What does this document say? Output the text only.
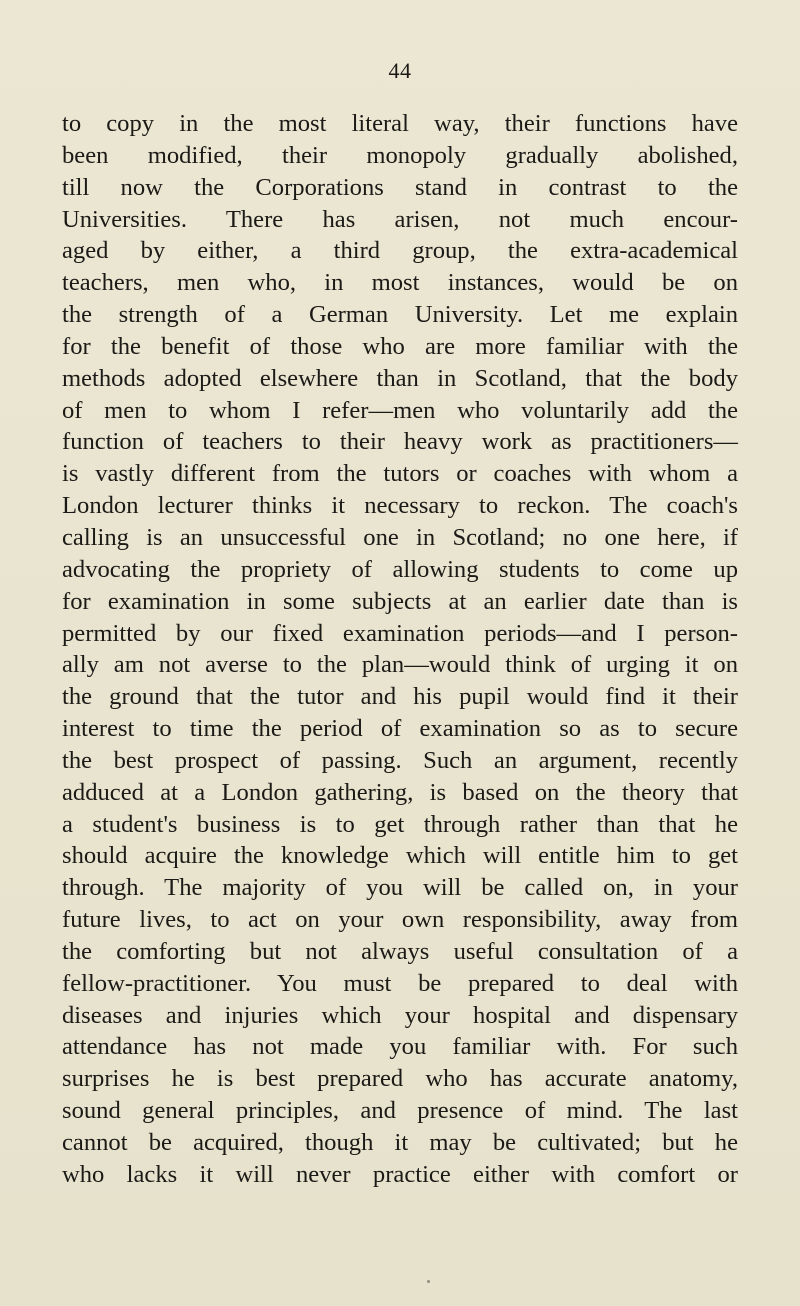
44
to copy in the most literal way, their functions have
been modified, their monopoly gradually abolished,
till now the Corporations stand in contrast to the
Universities. There has arisen, not much encour-
aged by either, a third group, the extra-academical
teachers, men who, in most instances, would be on
the strength of a German University. Let me explain
for the benefit of those who are more familiar with the
methods adopted elsewhere than in Scotland, that the body
of men to whom I refer—men who voluntarily add the
function of teachers to their heavy work as practitioners—
is vastly different from the tutors or coaches with whom a
London lecturer thinks it necessary to reckon. The coach's
calling is an unsuccessful one in Scotland; no one here, if
advocating the propriety of allowing students to come up
for examination in some subjects at an earlier date than is
permitted by our fixed examination periods—and I person-
ally am not averse to the plan—would think of urging it on
the ground that the tutor and his pupil would find it their
interest to time the period of examination so as to secure
the best prospect of passing. Such an argument, recently
adduced at a London gathering, is based on the theory that
a student's business is to get through rather than that he
should acquire the knowledge which will entitle him to get
through. The majority of you will be called on, in your
future lives, to act on your own responsibility, away from
the comforting but not always useful consultation of a
fellow-practitioner. You must be prepared to deal with
diseases and injuries which your hospital and dispensary
attendance has not made you familiar with. For such
surprises he is best prepared who has accurate anatomy,
sound general principles, and presence of mind. The last
cannot be acquired, though it may be cultivated; but he
who lacks it will never practice either with comfort or
